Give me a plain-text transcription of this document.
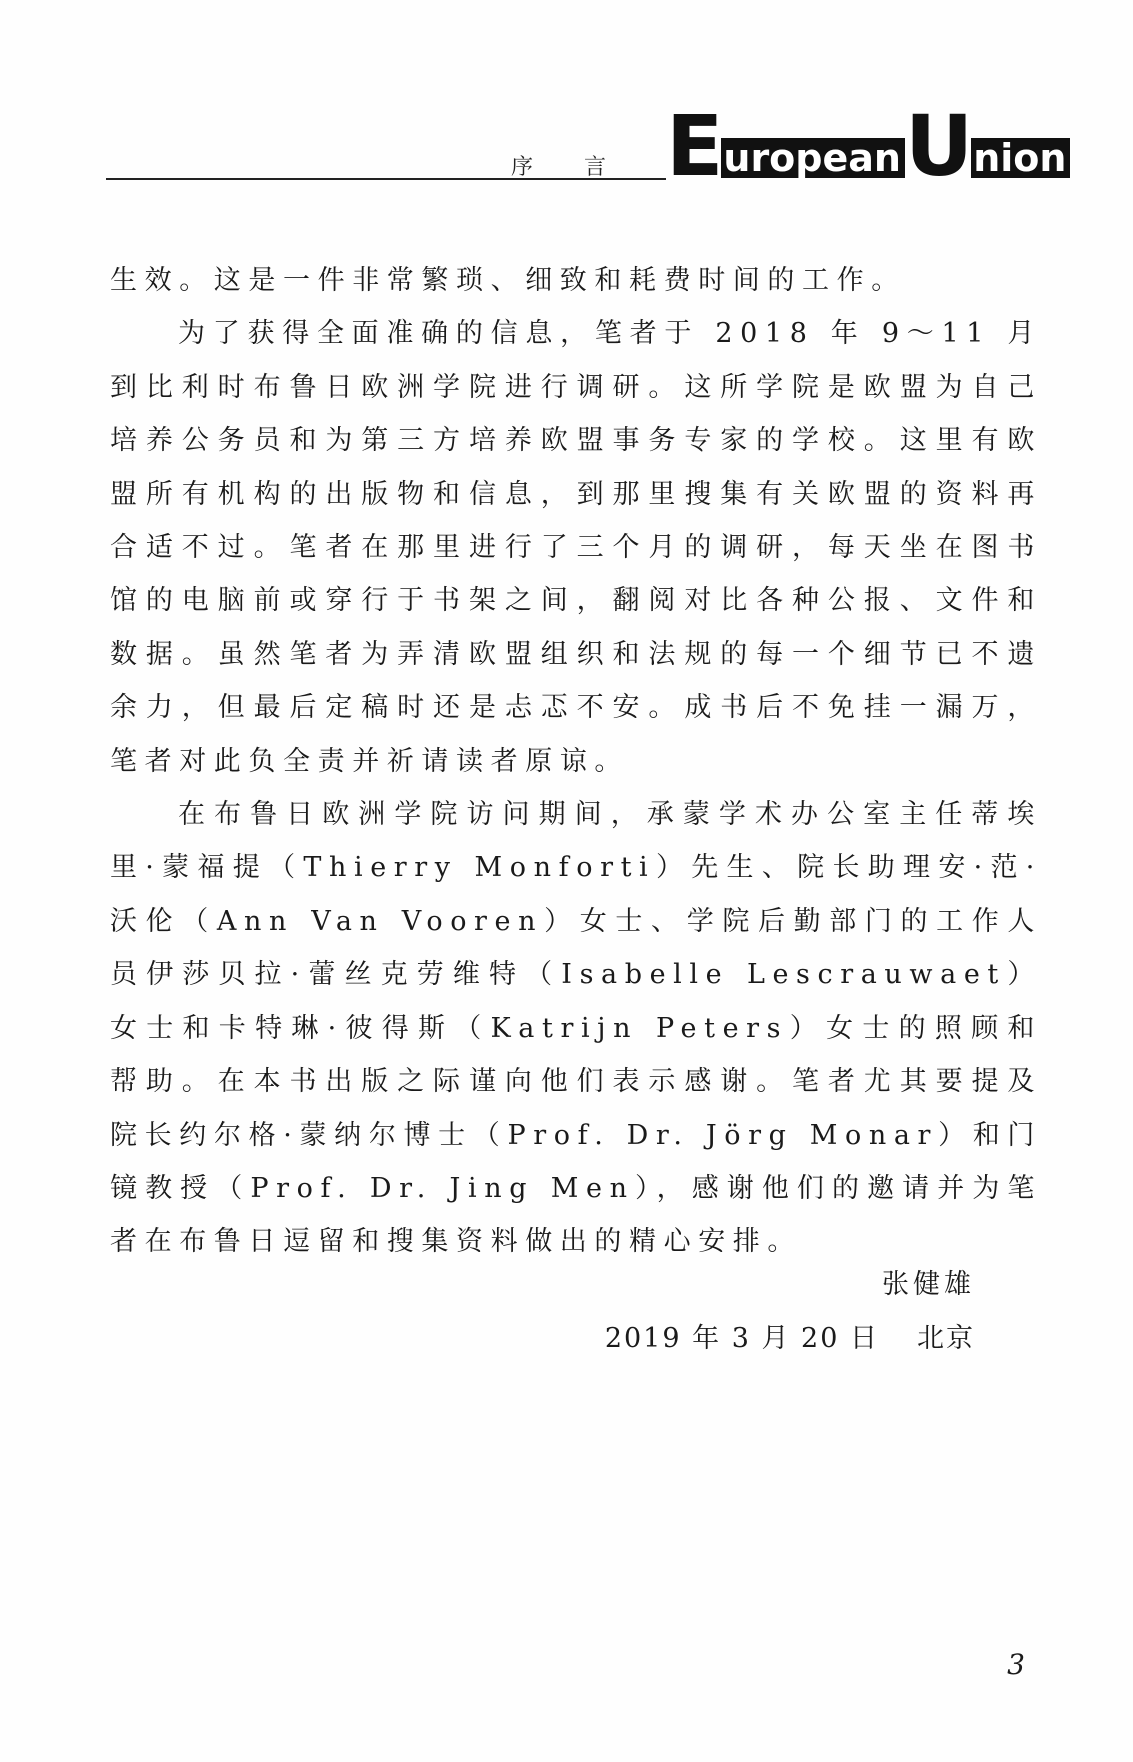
序 言 E uropean U nion

生效。这是一件非常繁琐、细致和耗费时间的工作。

为了获得全面准确的信息，笔者于 2018 年 9～11 月到比利时布鲁日欧洲学院进行调研。这所学院是欧盟为自己培养公务员和为第三方培养欧盟事务专家的学校。这里有欧盟所有机构的出版物和信息，到那里搜集有关欧盟的资料再合适不过。笔者在那里进行了三个月的调研，每天坐在图书馆的电脑前或穿行于书架之间，翻阅对比各种公报、文件和数据。虽然笔者为弄清欧盟组织和法规的每一个细节已不遗余力，但最后定稿时还是忐忑不安。成书后不免挂一漏万，笔者对此负全责并祈请读者原谅。

在布鲁日欧洲学院访问期间，承蒙学术办公室主任蒂埃里·蒙福提（Thierry Monforti）先生、院长助理安·范·沃伦（Ann Van Vooren）女士、学院后勤部门的工作人员伊莎贝拉·蕾丝克劳维特（Isabelle Lescrauwaet）女士和卡特琳·彼得斯（Katrijn Peters）女士的照顾和帮助。在本书出版之际谨向他们表示感谢。笔者尤其要提及院长约尔格·蒙纳尔博士（Prof. Dr. Jörg Monar）和门镜教授（Prof. Dr. Jing Men），感谢他们的邀请并为笔者在布鲁日逗留和搜集资料做出的精心安排。

张健雄
2019 年 3 月 20 日 北京
3
